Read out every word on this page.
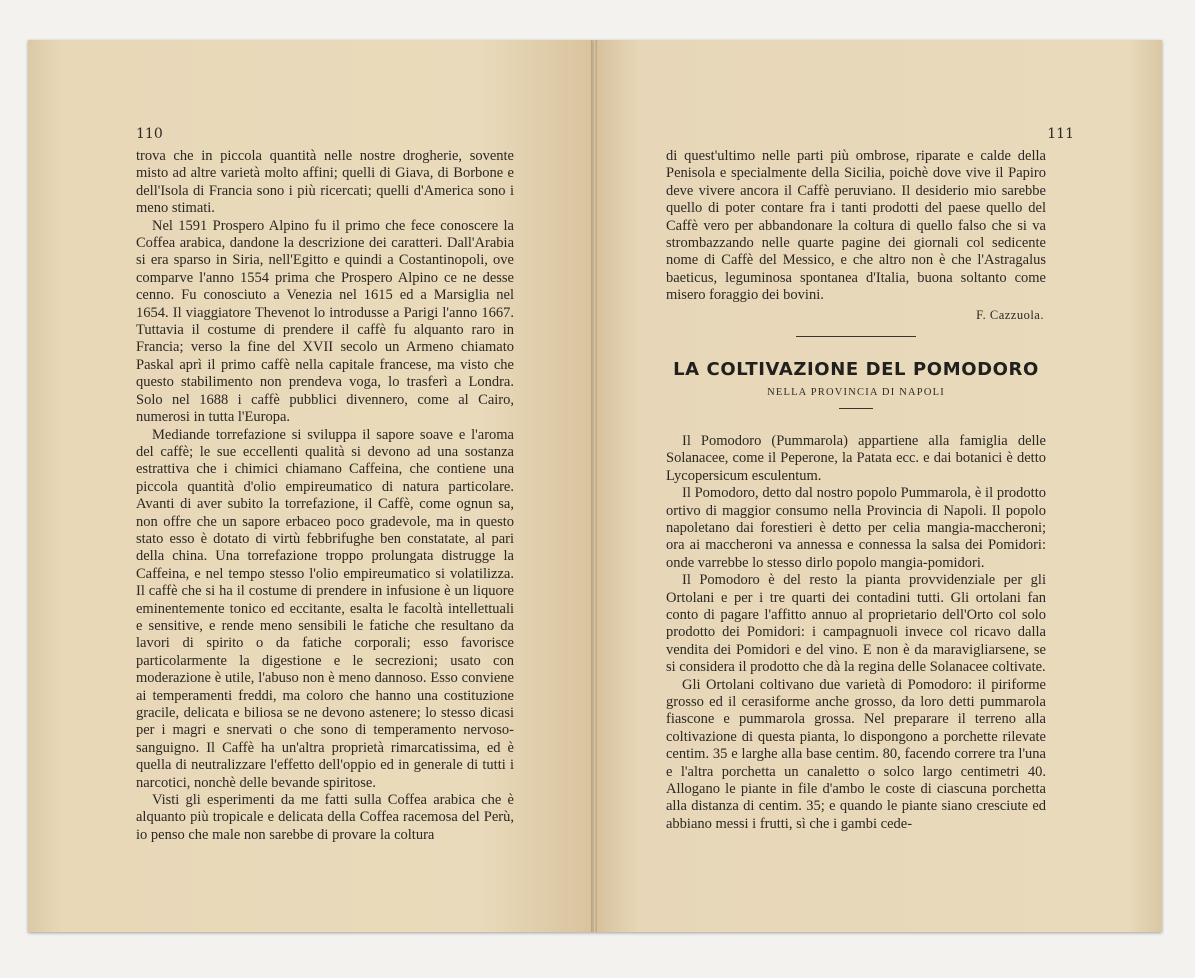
110

trova che in piccola quantità nelle nostre drogherie, sovente misto ad altre varietà molto affini; quelli di Giava, di Borbone e dell'Isola di Francia sono i più ricercati; quelli d'America sono i meno stimati.

Nel 1591 Prospero Alpino fu il primo che fece conoscere la Coffea arabica, dandone la descrizione dei caratteri. Dall'Arabia si era sparso in Siria, nell'Egitto e quindi a Costantinopoli, ove comparve l'anno 1554 prima che Prospero Alpino ce ne desse cenno. Fu conosciuto a Venezia nel 1615 ed a Marsiglia nel 1654. Il viaggiatore Thevenot lo introdusse a Parigi l'anno 1667. Tuttavia il costume di prendere il caffè fu alquanto raro in Francia; verso la fine del XVII secolo un Armeno chiamato Paskal aprì il primo caffè nella capitale francese, ma visto che questo stabilimento non prendeva voga, lo trasferì a Londra. Solo nel 1688 i caffè pubblici divennero, come al Cairo, numerosi in tutta l'Europa.

Mediande torrefazione si sviluppa il sapore soave e l'aroma del caffè; le sue eccellenti qualità si devono ad una sostanza estrattiva che i chimici chiamano Caffeina, che contiene una piccola quantità d'olio empireumatico di natura particolare. Avanti di aver subito la torrefazione, il Caffè, come ognun sa, non offre che un sapore erbaceo poco gradevole, ma in questo stato esso è dotato di virtù febbrifughe ben constatate, al pari della china. Una torrefazione troppo prolungata distrugge la Caffeina, e nel tempo stesso l'olio empireumatico si volatilizza. Il caffè che si ha il costume di prendere in infusione è un liquore eminentemente tonico ed eccitante, esalta le facoltà intellettuali e sensitive, e rende meno sensibili le fatiche che resultano da lavori di spirito o da fatiche corporali; esso favorisce particolarmente la digestione e le secrezioni; usato con moderazione è utile, l'abuso non è meno dannoso. Esso conviene ai temperamenti freddi, ma coloro che hanno una costituzione gracile, delicata e biliosa se ne devono astenere; lo stesso dicasi per i magri e snervati o che sono di temperamento nervoso-sanguigno. Il Caffè ha un'altra proprietà rimarcatissima, ed è quella di neutralizzare l'effetto dell'oppio ed in generale di tutti i narcotici, nonchè delle bevande spiritose.

Visti gli esperimenti da me fatti sulla Coffea arabica che è alquanto più tropicale e delicata della Coffea racemosa del Perù, io penso che male non sarebbe di provare la coltura

111

di quest'ultimo nelle parti più ombrose, riparate e calde della Penisola e specialmente della Sicilia, poichè dove vive il Papiro deve vivere ancora il Caffè peruviano. Il desiderio mio sarebbe quello di poter contare fra i tanti prodotti del paese quello del Caffè vero per abbandonare la coltura di quello falso che si va strombazzando nelle quarte pagine dei giornali col sedicente nome di Caffè del Messico, e che altro non è che l'Astragalus baeticus, leguminosa spontanea d'Italia, buona soltanto come misero foraggio dei bovini.

F. Cazzuola.
LA COLTIVAZIONE DEL POMODORO
NELLA PROVINCIA DI NAPOLI

Il Pomodoro (Pummarola) appartiene alla famiglia delle Solanacee, come il Peperone, la Patata ecc. e dai botanici è detto Lycopersicum esculentum.

Il Pomodoro, detto dal nostro popolo Pummarola, è il prodotto ortivo di maggior consumo nella Provincia di Napoli. Il popolo napoletano dai forestieri è detto per celia mangia-maccheroni; ora ai maccheroni va annessa e connessa la salsa dei Pomidori: onde varrebbe lo stesso dirlo popolo mangia-pomidori.

Il Pomodoro è del resto la pianta provvidenziale per gli Ortolani e per i tre quarti dei contadini tutti. Gli ortolani fan conto di pagare l'affitto annuo al proprietario dell'Orto col solo prodotto dei Pomidori: i campagnuoli invece col ricavo dalla vendita dei Pomidori e del vino. E non è da maravigliarsene, se si considera il prodotto che dà la regina delle Solanacee coltivate.

Gli Ortolani coltivano due varietà di Pomodoro: il piriforme grosso ed il cerasiforme anche grosso, da loro detti pummarola fiascone e pummarola grossa. Nel preparare il terreno alla coltivazione di questa pianta, lo dispongono a porchette rilevate centim. 35 e larghe alla base centim. 80, facendo correre tra l'una e l'altra porchetta un canaletto o solco largo centimetri 40. Allogano le piante in file d'ambo le coste di ciascuna porchetta alla distanza di centim. 35; e quando le piante siano cresciute ed abbiano messi i frutti, sì che i gambi cede-
